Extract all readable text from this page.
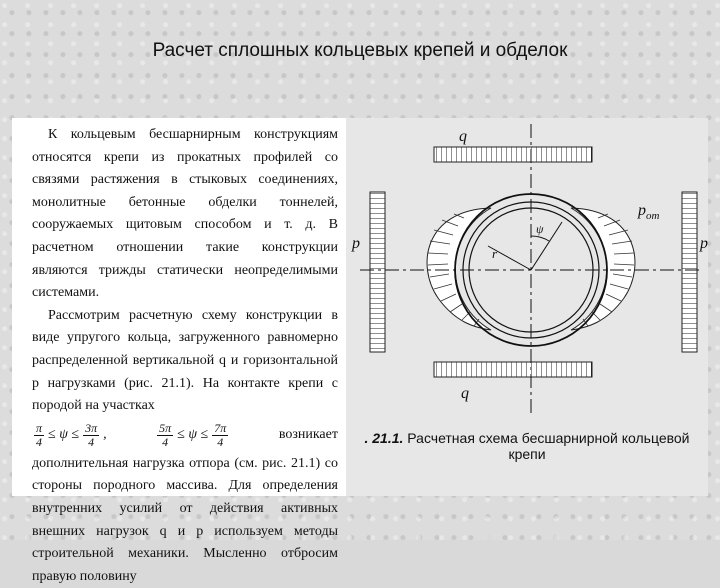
Расчет сплошных кольцевых крепей и обделок

К кольцевым бесшарнирным конструкциям относятся крепи из прокатных профилей со связями растяжения в стыковых соединениях, монолитные бетонные обделки тоннелей, сооружаемых щитовым способом и т. д. В расчетном отношении такие конструкции являются трижды статически неопределимыми системами.

Рассмотрим расчетную схему конструкции в виде упругого кольца, загруженного равномерно распределенной вертикальной q и горизонтальной p нагрузками (рис. 21.1). На контакте крепи с породой на участках

$\frac{\pi}{4} \le \psi \le \frac{3\pi}{4}$ ,	$\frac{5\pi}{4} \le \psi \le \frac{7\pi}{4}$	возникает

дополнительная нагрузка отпора (см. рис. 21.1) со стороны породного массива. Для определения внутренних усилий от действия активных внешних нагрузок q и p используем методы строительной механики. Мысленно отбросим правую половину

q
q
p	p
$p_{от}$
r
ψ
. 21.1. Расчетная схема бесшарнирной кольцевой крепи
